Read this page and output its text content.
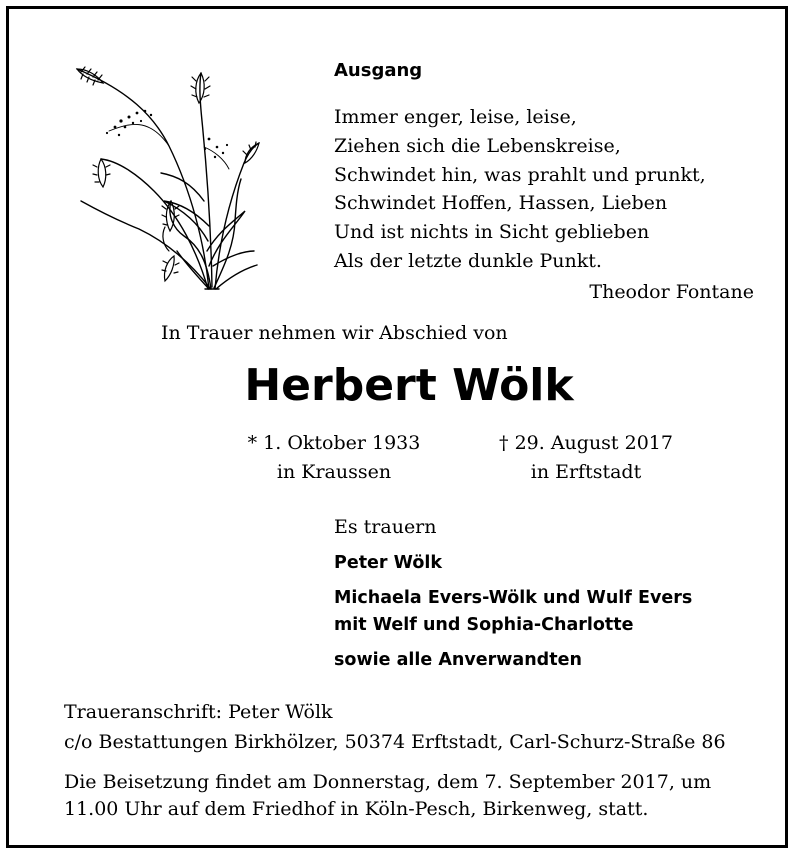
Ausgang
Immer enger, leise, leise,
Ziehen sich die Lebenskreise,
Schwindet hin, was prahlt und prunkt,
Schwindet Hoffen, Hassen, Lieben
Und ist nichts in Sicht geblieben
Als der letzte dunkle Punkt.
Theodor Fontane
In Trauer nehmen wir Abschied von
Herbert Wölk
* 1. Oktober 1933
in Kraussen
† 29. August 2017
in Erftstadt
Es trauern
Peter Wölk
Michaela Evers-Wölk und Wulf Evers
mit Welf und Sophia-Charlotte
sowie alle Anverwandten
Traueranschrift: Peter Wölk
c/o Bestattungen Birkhölzer, 50374 Erftstadt, Carl-Schurz-Straße 86
Die Beisetzung findet am Donnerstag, dem 7. September 2017, um 11.00 Uhr auf dem Friedhof in Köln-Pesch, Birkenweg, statt.
